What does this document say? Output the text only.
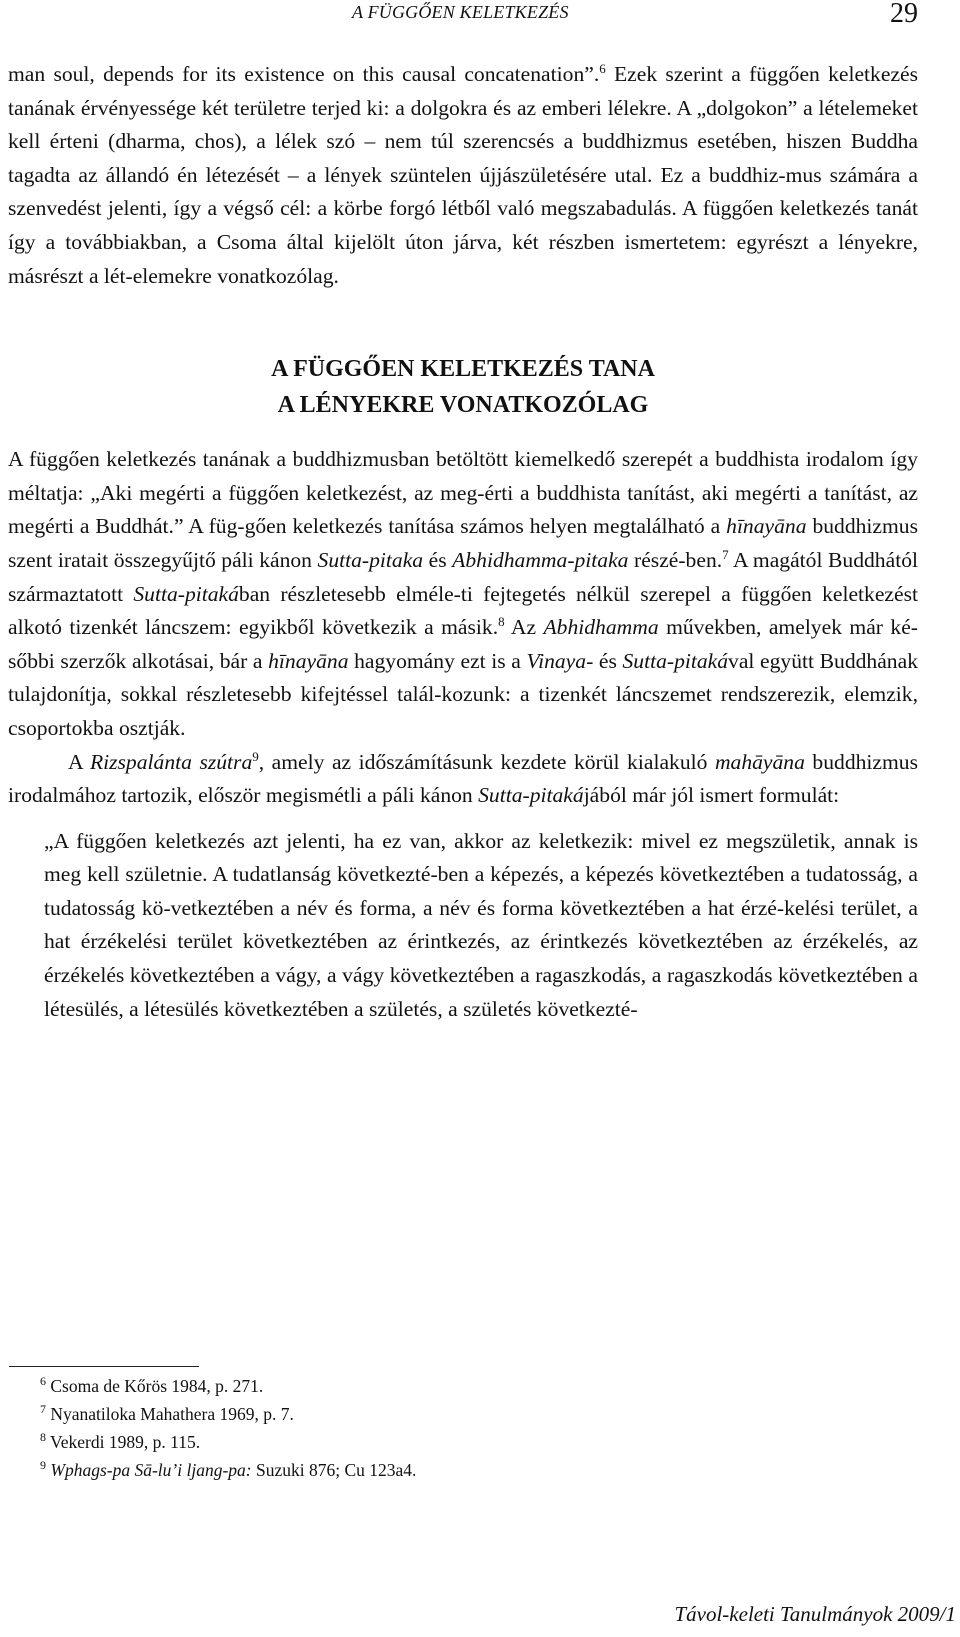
A FÜGGŐEN KELETKEZÉS	29

man soul, depends for its existence on this causal concatenation”.$^6$ Ezek szerint a függően keletkezés tanának érvényessége két területre terjed ki: a dolgokra és az emberi lélekre. A „dolgokon” a lételemeket kell érteni (dharma, chos), a lélek szó – nem túl szerencsés a buddhizmus esetében, hiszen Buddha tagadta az állandó én létezését – a lények szüntelen újjászületésére utal. Ez a buddhiz-mus számára a szenvedést jelenti, így a végső cél: a körbe forgó létből való megszabadulás. A függően keletkezés tanát így a továbbiakban, a Csoma által kijelölt úton járva, két részben ismertetem: egyrészt a lényekre, másrészt a lét-elemekre vonatkozólag.

A FÜGGŐEN KELETKEZÉS TANA
A LÉNYEKRE VONATKOZÓLAG

A függően keletkezés tanának a buddhizmusban betöltött kiemelkedő szerepét a buddhista irodalom így méltatja: „Aki megérti a függően keletkezést, az meg-érti a buddhista tanítást, aki megérti a tanítást, az megérti a Buddhát.” A füg-gően keletkezés tanítása számos helyen megtalálható a hīnayāna buddhizmus szent iratait összegyűjtő páli kánon Sutta-pitaka és Abhidhamma-pitaka részé-ben.$^7$ A magától Buddhától származtatott Sutta-pitakában részletesebb elméle-ti fejtegetés nélkül szerepel a függően keletkezést alkotó tizenkét láncszem: egyikből következik a másik.$^8$ Az Abhidhamma művekben, amelyek már ké-sőbbi szerzők alkotásai, bár a hīnayāna hagyomány ezt is a Vinaya- és Sutta-pitakával együtt Buddhának tulajdonítja, sokkal részletesebb kifejtéssel talál-kozunk: a tizenkét láncszemet rendszerezik, elemzik, csoportokba osztják.

A Rizspalánta szútra$^9$, amely az időszámításunk kezdete körül kialakuló mahāyāna buddhizmus irodalmához tartozik, először megismétli a páli kánon Sutta-pitakájából már jól ismert formulát:

„A függően keletkezés azt jelenti, ha ez van, akkor az keletkezik: mivel ez megszületik, annak is meg kell születnie. A tudatlanság következté-ben a képezés, a képezés következtében a tudatosság, a tudatosság kö-vetkeztében a név és forma, a név és forma következtében a hat érzé-kelési terület, a hat érzékelési terület következtében az érintkezés, az érintkezés következtében az érzékelés, az érzékelés következtében a vágy, a vágy következtében a ragaszkodás, a ragaszkodás következtében a létesülés, a létesülés következtében a születés, a születés következté-

$^6$ Csoma de Kőrös 1984, p. 271.

$^7$ Nyanatiloka Mahathera 1969, p. 7.

$^8$ Vekerdi 1989, p. 115.

$^9$ Wphags-pa Sā-lu’i ljang-pa: Suzuki 876; Cu 123a4.

Távol-keleti Tanulmányok 2009/1
